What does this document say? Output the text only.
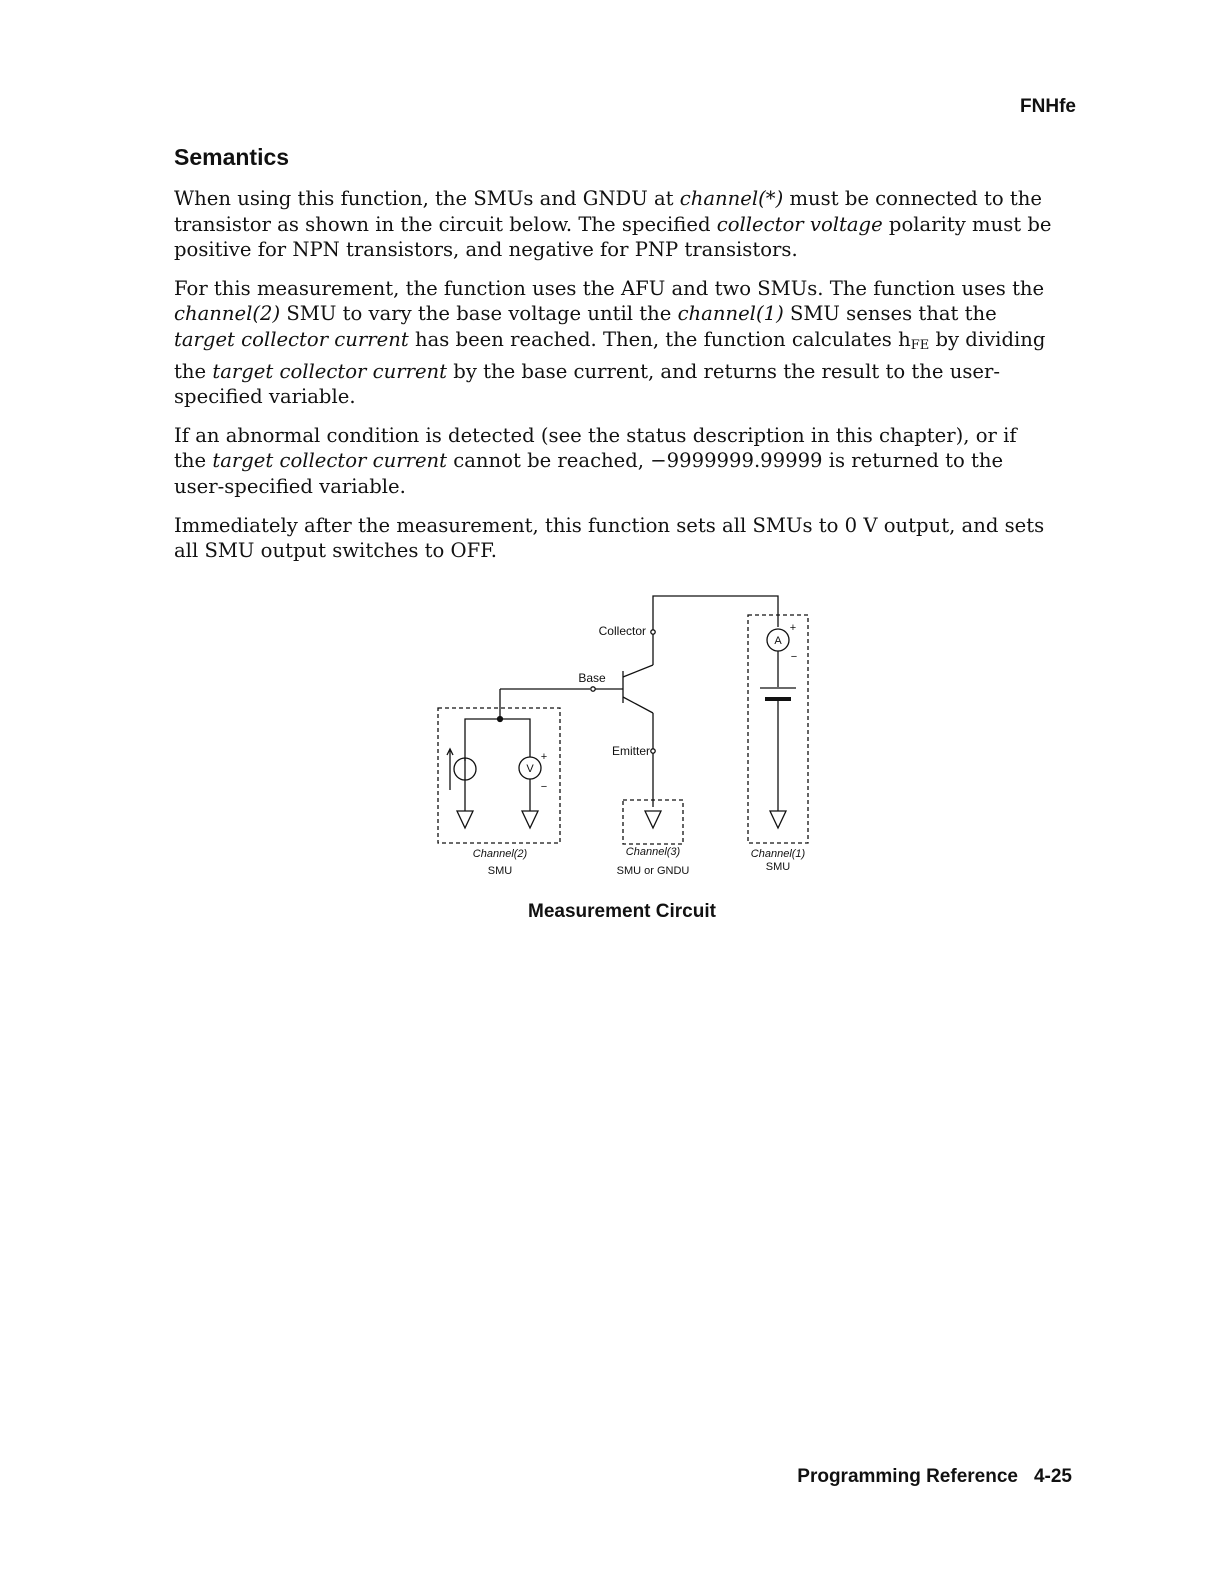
FNHfe
Semantics

When using this function, the SMUs and GNDU at channel(*) must be connected to the transistor as shown in the circuit below. The specified collector voltage polarity must be positive for NPN transistors, and negative for PNP transistors.

For this measurement, the function uses the AFU and two SMUs. The function uses the channel(2) SMU to vary the base voltage until the channel(1) SMU senses that the target collector current has been reached. Then, the function calculates $h_{FE}$ by dividing the target collector current by the base current, and returns the result to the user-specified variable.

If an abnormal condition is detected (see the status description in this chapter), or if the target collector current cannot be reached, −9999999.99999 is returned to the user-specified variable.

Immediately after the measurement, this function sets all SMUs to 0 V output, and sets all SMU output switches to OFF.

Collector
Base
Emitter
A
+
−
V
+
−
Channel(2)
SMU
Channel(3)
SMU or GNDU
Channel(1)
SMU
Measurement Circuit
Programming Reference 4-25
